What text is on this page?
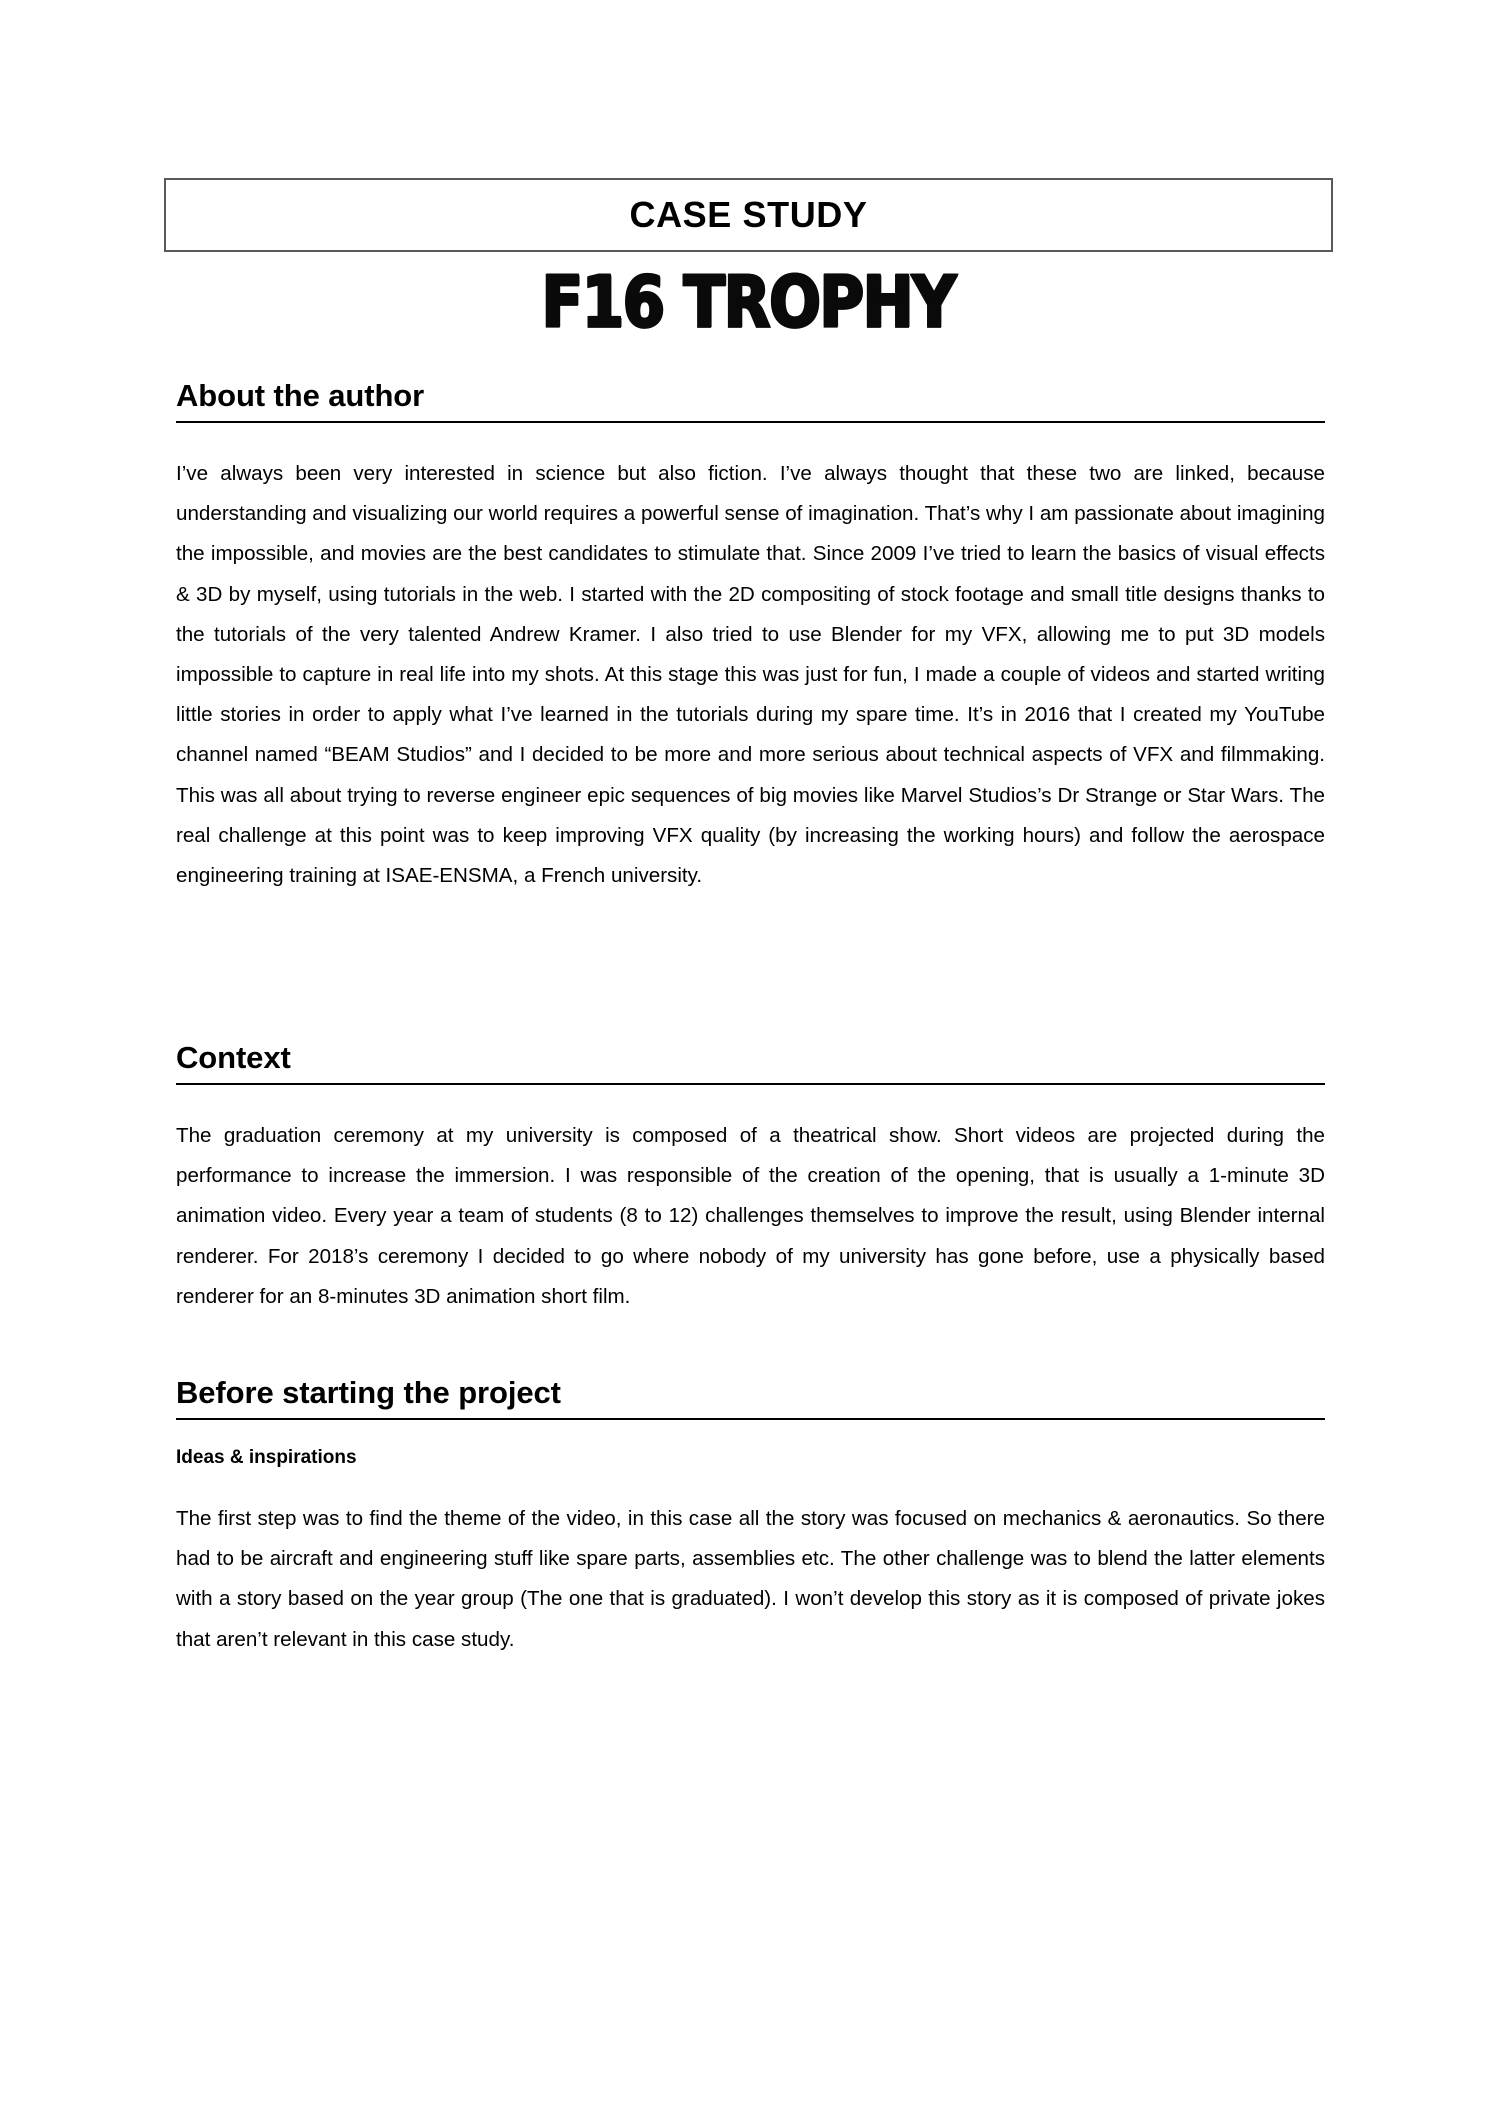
CASE STUDY
F16 TROPHY
About the author
I’ve always been very interested in science but also fiction. I’ve always thought that these two are linked, because understanding and visualizing our world requires a powerful sense of imagination. That’s why I am passionate about imagining the impossible, and movies are the best candidates to stimulate that. Since 2009 I’ve tried to learn the basics of visual effects & 3D by myself, using tutorials in the web. I started with the 2D compositing of stock footage and small title designs thanks to the tutorials of the very talented Andrew Kramer. I also tried to use Blender for my VFX, allowing me to put 3D models impossible to capture in real life into my shots. At this stage this was just for fun, I made a couple of videos and started writing little stories in order to apply what I’ve learned in the tutorials during my spare time. It’s in 2016 that I created my YouTube channel named “BEAM Studios” and I decided to be more and more serious about technical aspects of VFX and filmmaking. This was all about trying to reverse engineer epic sequences of big movies like Marvel Studios’s Dr Strange or Star Wars. The real challenge at this point was to keep improving VFX quality (by increasing the working hours) and follow the aerospace engineering training at ISAE-ENSMA, a French university.
Context
The graduation ceremony at my university is composed of a theatrical show. Short videos are projected during the performance to increase the immersion. I was responsible of the creation of the opening, that is usually a 1-minute 3D animation video. Every year a team of students (8 to 12) challenges themselves to improve the result, using Blender internal renderer. For 2018’s ceremony I decided to go where nobody of my university has gone before, use a physically based renderer for an 8-minutes 3D animation short film.
Before starting the project
Ideas & inspirations
The first step was to find the theme of the video, in this case all the story was focused on mechanics & aeronautics. So there had to be aircraft and engineering stuff like spare parts, assemblies etc. The other challenge was to blend the latter elements with a story based on the year group (The one that is graduated). I won’t develop this story as it is composed of private jokes that aren’t relevant in this case study.
